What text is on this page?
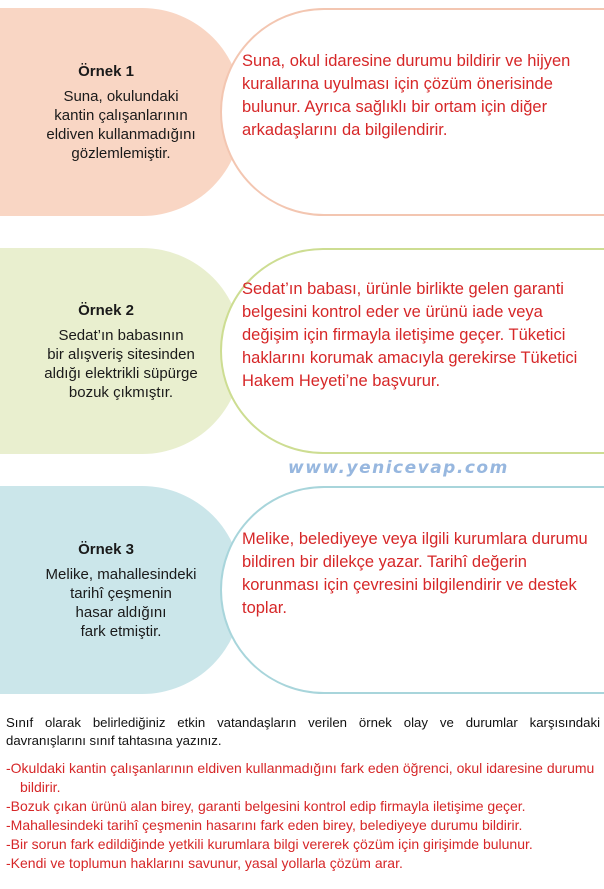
Örnek 1
Suna, okulundaki
kantin çalışanlarının
eldiven kullanmadığını
gözlemlemiştir.
Suna, okul idaresine durumu bildirir ve hijyen kurallarına uyulması için çözüm önerisinde bulunur. Ayrıca sağlıklı bir ortam için diğer arkadaşlarını da bilgilendirir.
Örnek 2
Sedat’ın babasının
bir alışveriş sitesinden
aldığı elektrikli süpürge
bozuk çıkmıştır.
Sedat’ın babası, ürünle birlikte gelen garanti belgesini kontrol eder ve ürünü iade veya değişim için firmayla iletişime geçer. Tüketici haklarını korumak amacıyla gerekirse Tüketici Hakem Heyeti’ne başvurur.
www.yenicevap.com
Örnek 3
Melike, mahallesindeki
tarihî çeşmenin
hasar aldığını
fark etmiştir.
Melike, belediyeye veya ilgili kurumlara durumu bildiren bir dilekçe yazar. Tarihî değerin korunması için çevresini bilgilendirir ve destek toplar.
Sınıf olarak belirlediğiniz etkin vatandaşların verilen örnek olay ve durumlar karşısındaki davranışlarını sınıf tahtasına yazınız.
-Okuldaki kantin çalışanlarının eldiven kullanmadığını fark eden öğrenci, okul idaresine durumu bildirir.
-Bozuk çıkan ürünü alan birey, garanti belgesini kontrol edip firmayla iletişime geçer.
-Mahallesindeki tarihî çeşmenin hasarını fark eden birey, belediyeye durumu bildirir.
-Bir sorun fark edildiğinde yetkili kurumlara bilgi vererek çözüm için girişimde bulunur.
-Kendi ve toplumun haklarını savunur, yasal yollarla çözüm arar.
